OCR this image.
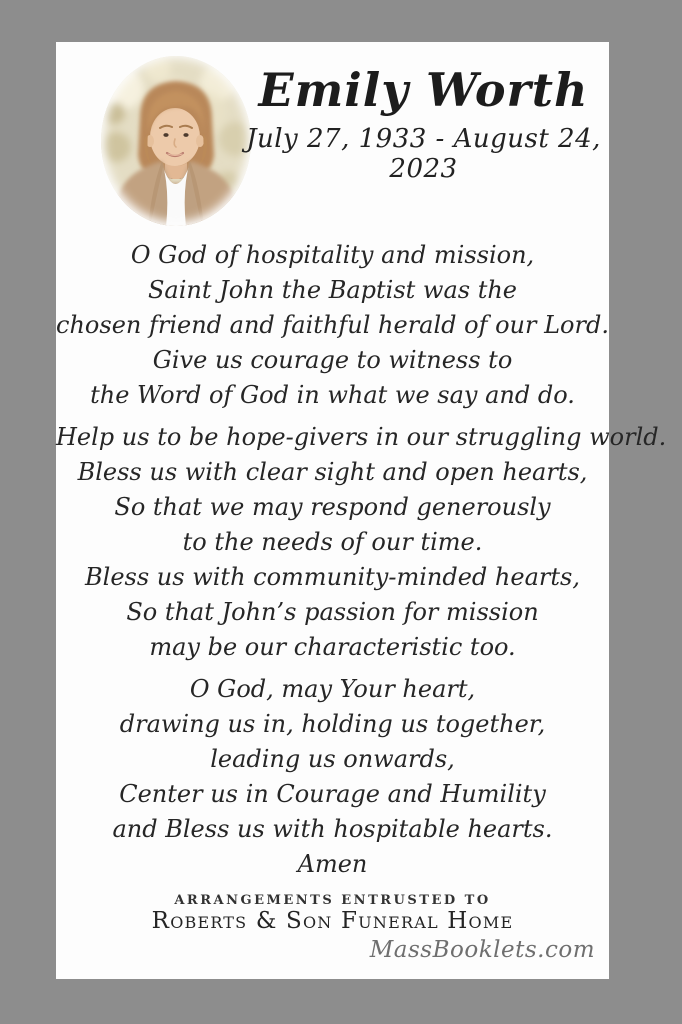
Emily Worth
July 27, 1933 - August 24, 2023
O God of hospitality and mission,
Saint John the Baptist was the
chosen friend and faithful herald of our Lord.
Give us courage to witness to
the Word of God in what we say and do.
Help us to be hope-givers in our struggling world.
Bless us with clear sight and open hearts,
So that we may respond generously
to the needs of our time.
Bless us with community-minded hearts,
So that John’s passion for mission
may be our characteristic too.
O God, may Your heart,
drawing us in, holding us together,
leading us onwards,
Center us in Courage and Humility
and Bless us with hospitable hearts.
Amen
ARRANGEMENTS ENTRUSTED TO
Roberts & Son Funeral Home
MassBooklets.com
